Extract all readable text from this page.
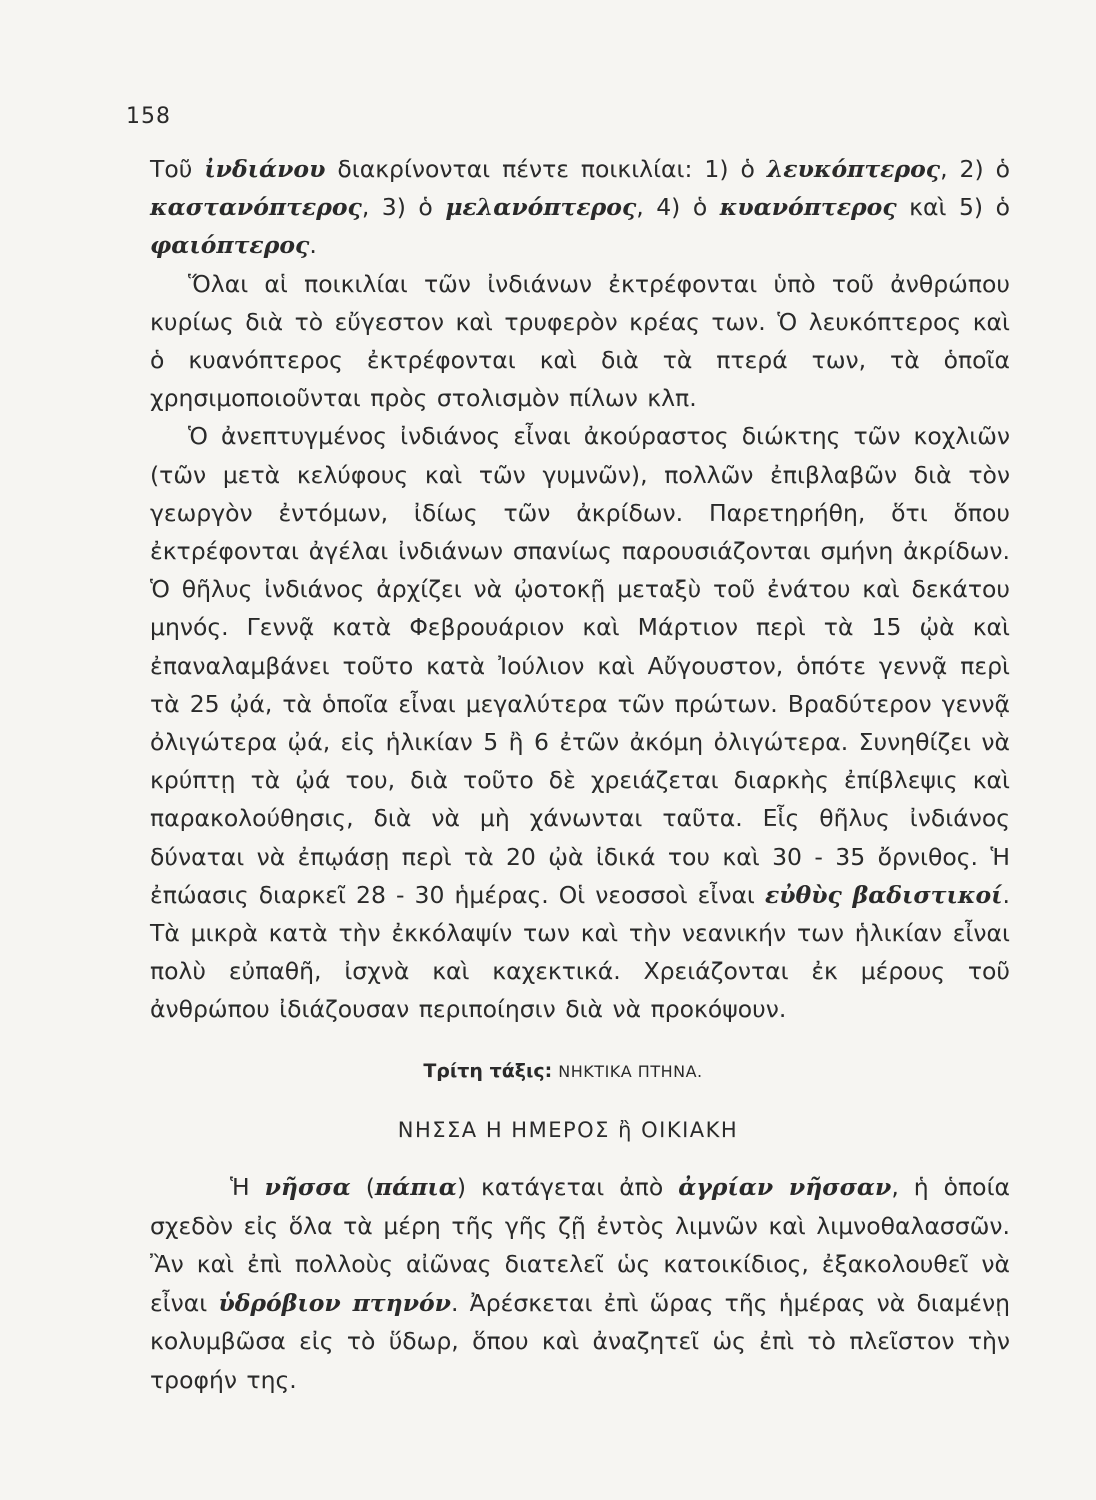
158

Τοῦ ἰνδιάνου διακρίνονται πέντε ποικιλίαι: 1) ὁ λευκόπτερος, 2) ὁ καστανόπτερος, 3) ὁ μελανόπτερος, 4) ὁ κυανόπτερος καὶ 5) ὁ φαιόπτερος.

Ὅλαι αἱ ποικιλίαι τῶν ἰνδιάνων ἐκτρέφονται ὑπὸ τοῦ ἀνθρώπου κυρίως διὰ τὸ εὔγεστον καὶ τρυφερὸν κρέας των. Ὁ λευκόπτερος καὶ ὁ κυανόπτερος ἐκτρέφονται καὶ διὰ τὰ πτερά των, τὰ ὁποῖα χρησιμοποιοῦνται πρὸς στολισμὸν πίλων κλπ.

Ὁ ἀνεπτυγμένος ἰνδιάνος εἶναι ἀκούραστος διώκτης τῶν κοχλιῶν (τῶν μετὰ κελύφους καὶ τῶν γυμνῶν), πολλῶν ἐπιβλαβῶν διὰ τὸν γεωργὸν ἐντόμων, ἰδίως τῶν ἀκρίδων. Παρετηρήθη, ὅτι ὅπου ἐκτρέφονται ἀγέλαι ἰνδιάνων σπανίως παρουσιάζονται σμήνη ἀκρίδων. Ὁ θῆλυς ἰνδιάνος ἀρχίζει νὰ ᾠοτοκῇ μεταξὺ τοῦ ἐνάτου καὶ δεκάτου μηνός. Γεννᾷ κατὰ Φεβρουάριον καὶ Μάρτιον περὶ τὰ 15 ᾠὰ καὶ ἐπαναλαμβάνει τοῦτο κατὰ Ἰούλιον καὶ Αὔγουστον, ὁπότε γεννᾷ περὶ τὰ 25 ᾠά, τὰ ὁποῖα εἶναι μεγαλύτερα τῶν πρώτων. Βραδύτερον γεννᾷ ὀλιγώτερα ᾠά, εἰς ἡλικίαν 5 ἢ 6 ἐτῶν ἀκόμη ὀλιγώτερα. Συνηθίζει νὰ κρύπτῃ τὰ ᾠά του, διὰ τοῦτο δὲ χρειάζεται διαρκὴς ἐπίβλεψις καὶ παρακολούθησις, διὰ νὰ μὴ χάνωνται ταῦτα. Εἷς θῆλυς ἰνδιάνος δύναται νὰ ἐπῳάσῃ περὶ τὰ 20 ᾠὰ ἰδικά του καὶ 30 - 35 ὄρνιθος. Ἡ ἐπώασις διαρκεῖ 28 - 30 ἡμέρας. Οἱ νεοσσοὶ εἶναι εὐθὺς βαδιστικοί. Τὰ μικρὰ κατὰ τὴν ἐκκόλαψίν των καὶ τὴν νεανικήν των ἡλικίαν εἶναι πολὺ εὐπαθῆ, ἰσχνὰ καὶ καχεκτικά. Χρειάζονται ἐκ μέρους τοῦ ἀνθρώπου ἰδιάζουσαν περιποίησιν διὰ νὰ προκόψουν.

Τρίτη τάξις: ΝΗΚΤΙΚΑ ΠΤΗΝΑ.
ΝΗΣΣΑ Η ΗΜΕΡΟΣ ἢ ΟΙΚΙΑΚΗ

Ἡ νῆσσα (πάπια) κατάγεται ἀπὸ ἀγρίαν νῆσσαν, ἡ ὁποία σχεδὸν εἰς ὅλα τὰ μέρη τῆς γῆς ζῇ ἐντὸς λιμνῶν καὶ λιμνοθαλασσῶν. Ἂν καὶ ἐπὶ πολλοὺς αἰῶνας διατελεῖ ὡς κατοικίδιος, ἐξακολουθεῖ νὰ εἶναι ὑδρόβιον πτηνόν. Ἀρέσκεται ἐπὶ ὥρας τῆς ἡμέρας νὰ διαμένῃ κολυμβῶσα εἰς τὸ ὕδωρ, ὅπου καὶ ἀναζητεῖ ὡς ἐπὶ τὸ πλεῖστον τὴν τροφήν της.
